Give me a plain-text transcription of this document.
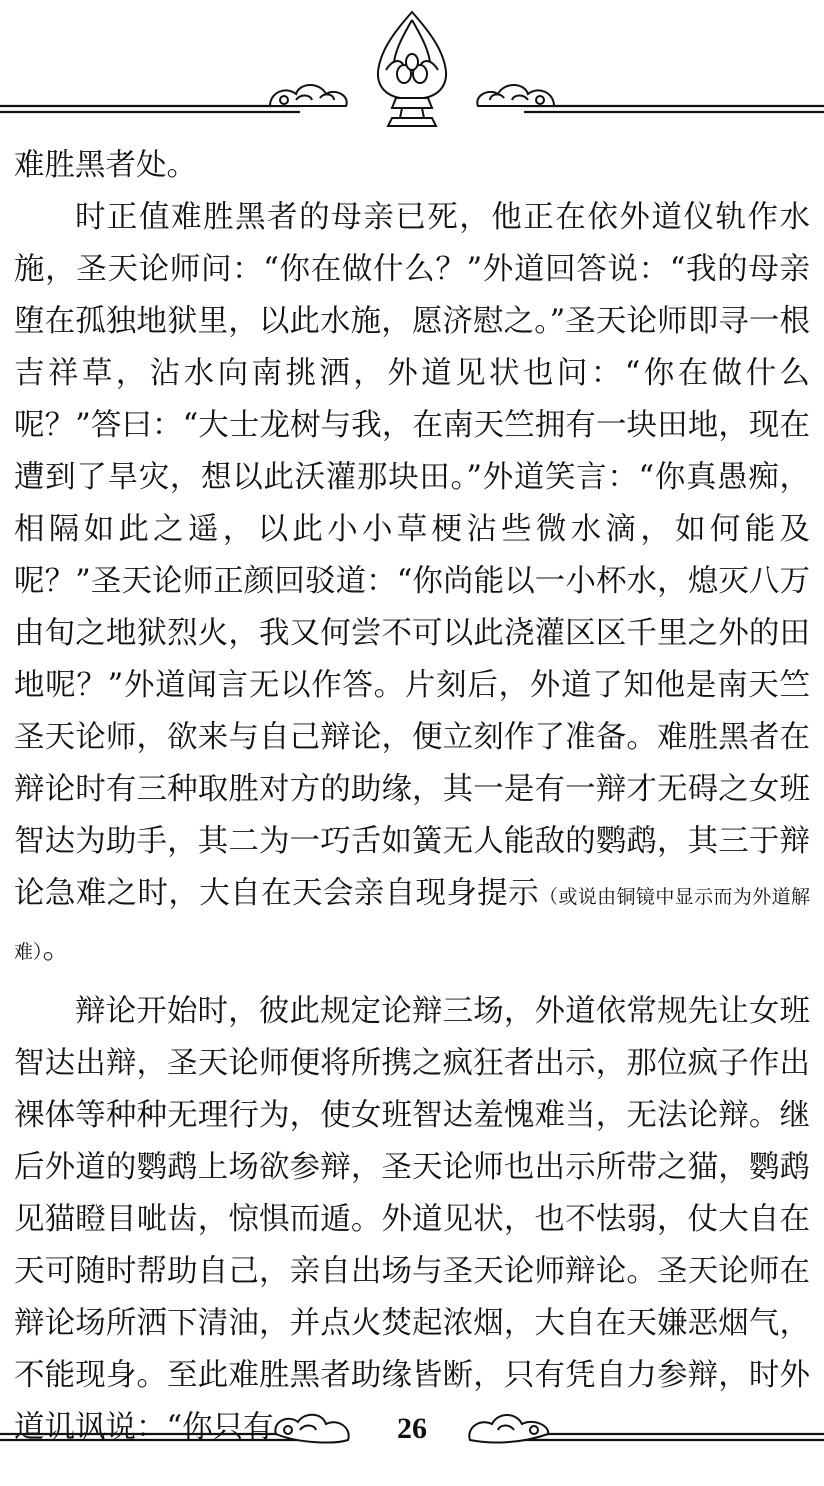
难胜黑者处。

时正值难胜黑者的母亲已死，他正在依外道仪轨作水施，圣天论师问：“你在做什么？”外道回答说：“我的母亲堕在孤独地狱里，以此水施，愿济慰之。”圣天论师即寻一根吉祥草，沾水向南挑洒，外道见状也问：“你在做什么呢？”答曰：“大士龙树与我，在南天竺拥有一块田地，现在遭到了旱灾，想以此沃灌那块田。”外道笑言：“你真愚痴，相隔如此之遥，以此小小草梗沾些微水滴，如何能及呢？”圣天论师正颜回驳道：“你尚能以一小杯水，熄灭八万由旬之地狱烈火，我又何尝不可以此浇灌区区千里之外的田地呢？”外道闻言无以作答。片刻后，外道了知他是南天竺圣天论师，欲来与自己辩论，便立刻作了准备。难胜黑者在辩论时有三种取胜对方的助缘，其一是有一辩才无碍之女班智达为助手，其二为一巧舌如簧无人能敌的鹦鹉，其三于辩论急难之时，大自在天会亲自现身提示（或说由铜镜中显示而为外道解难）。

辩论开始时，彼此规定论辩三场，外道依常规先让女班智达出辩，圣天论师便将所携之疯狂者出示，那位疯子作出裸体等种种无理行为，使女班智达羞愧难当，无法论辩。继后外道的鹦鹉上场欲参辩，圣天论师也出示所带之猫，鹦鹉见猫瞪目呲齿，惊惧而遁。外道见状，也不怯弱，仗大自在天可随时帮助自己，亲自出场与圣天论师辩论。圣天论师在辩论场所洒下清油，并点火焚起浓烟，大自在天嫌恶烟气，不能现身。至此难胜黑者助缘皆断，只有凭自力参辩，时外道讥讽说：“你只有	26
